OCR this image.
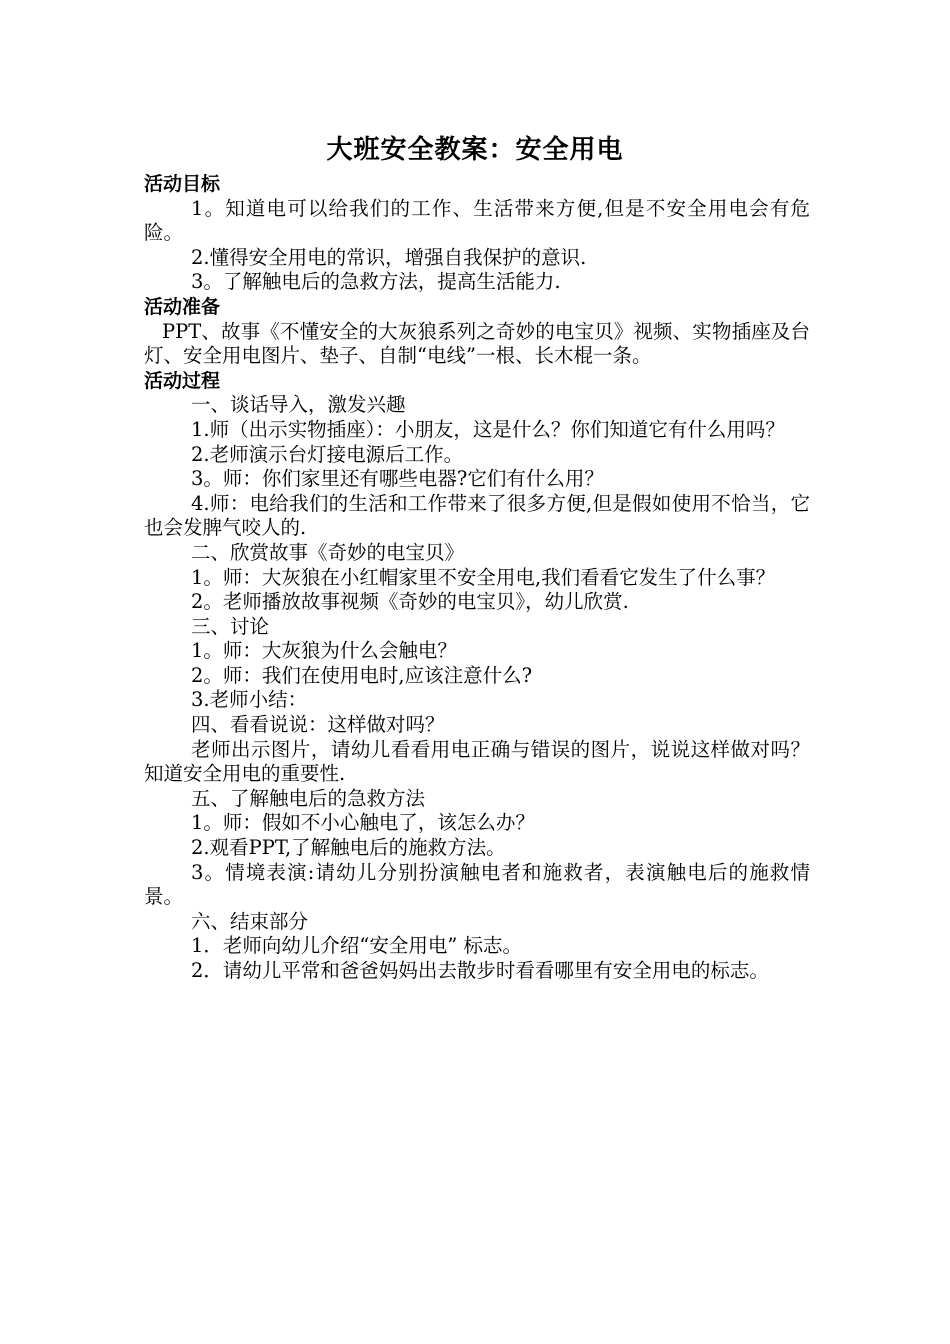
大班安全教案：安全用电

活动目标

1。知道电可以给我们的工作、生活带来方便,但是不安全用电会有危险。

2.懂得安全用电的常识，增强自我保护的意识.

3。了解触电后的急救方法，提高生活能力.

活动准备

PPT、故事《不懂安全的大灰狼系列之奇妙的电宝贝》视频、实物插座及台灯、安全用电图片、垫子、自制“电线”一根、长木棍一条。

活动过程

一、谈话导入，激发兴趣

1.师（出示实物插座）：小朋友，这是什么？你们知道它有什么用吗？

2.老师演示台灯接电源后工作。

3。师：你们家里还有哪些电器?它们有什么用？

4.师：电给我们的生活和工作带来了很多方便,但是假如使用不恰当，它也会发脾气咬人的.

二、欣赏故事《奇妙的电宝贝》

1。师：大灰狼在小红帽家里不安全用电,我们看看它发生了什么事？

2。老师播放故事视频《奇妙的电宝贝》，幼儿欣赏.

三、讨论

1。师：大灰狼为什么会触电？

2。师：我们在使用电时,应该注意什么?

3.老师小结：

四、看看说说：这样做对吗？

老师出示图片，请幼儿看看用电正确与错误的图片，说说这样做对吗？知道安全用电的重要性.

五、了解触电后的急救方法

1。师：假如不小心触电了，该怎么办？

2.观看PPT,了解触电后的施救方法。

3。情境表演:请幼儿分别扮演触电者和施救者，表演触电后的施救情景。

六、结束部分

1．老师向幼儿介绍“安全用电” 标志。

2．请幼儿平常和爸爸妈妈出去散步时看看哪里有安全用电的标志。
